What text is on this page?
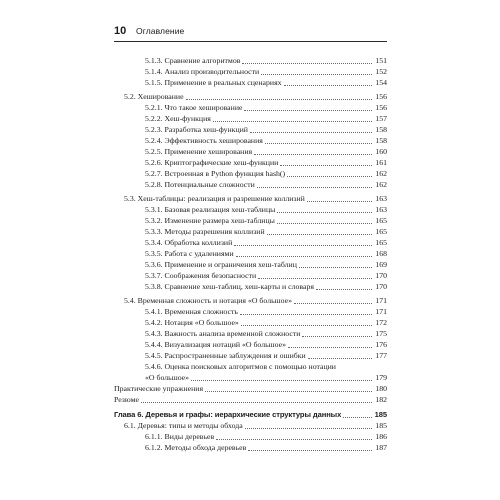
10 Оглавление
5.1.3. Сравнение алгоритмов	151
5.1.4. Анализ производительности	152
5.1.5. Применение в реальных сценариях	154
5.2. Хеширование	156
5.2.1. Что такое хеширование	156
5.2.2. Хеш-функция	157
5.2.3. Разработка хеш-функций	158
5.2.4. Эффективность хеширования	158
5.2.5. Применение хеширования	160
5.2.6. Криптографические хеш-функции	161
5.2.7. Встроенная в Python функция hash()	162
5.2.8. Потенциальные сложности	162
5.3. Хеш-таблицы: реализация и разрешение коллизий	163
5.3.1. Базовая реализация хеш-таблицы	163
5.3.2. Изменение размера хеш-таблицы	165
5.3.3. Методы разрешения коллизий	165
5.3.4. Обработка коллизий	165
5.3.5. Работа с удалениями	168
5.3.6. Применение и ограничения хеш-таблиц	169
5.3.7. Соображения безопасности	170
5.3.8. Сравнение хеш-таблиц, хеш-карты и словаря	170
5.4. Временная сложность и нотация «О большое»	171
5.4.1. Временная сложность	171
5.4.2. Нотация «О большое»	172
5.4.3. Важность анализа временной сложности	175
5.4.4. Визуализация нотаций «О большое»	176
5.4.5. Распространенные заблуждения и ошибки	177
5.4.6. Оценка поисковых алгоритмов с помощью нотации
«О большое»	179
Практические упражнения	180
Резюме	182
Глава 6. Деревья и графы: иерархические структуры данных	185
6.1. Деревья: типы и методы обхода	185
6.1.1. Виды деревьев	186
6.1.2. Методы обхода деревьев	187
